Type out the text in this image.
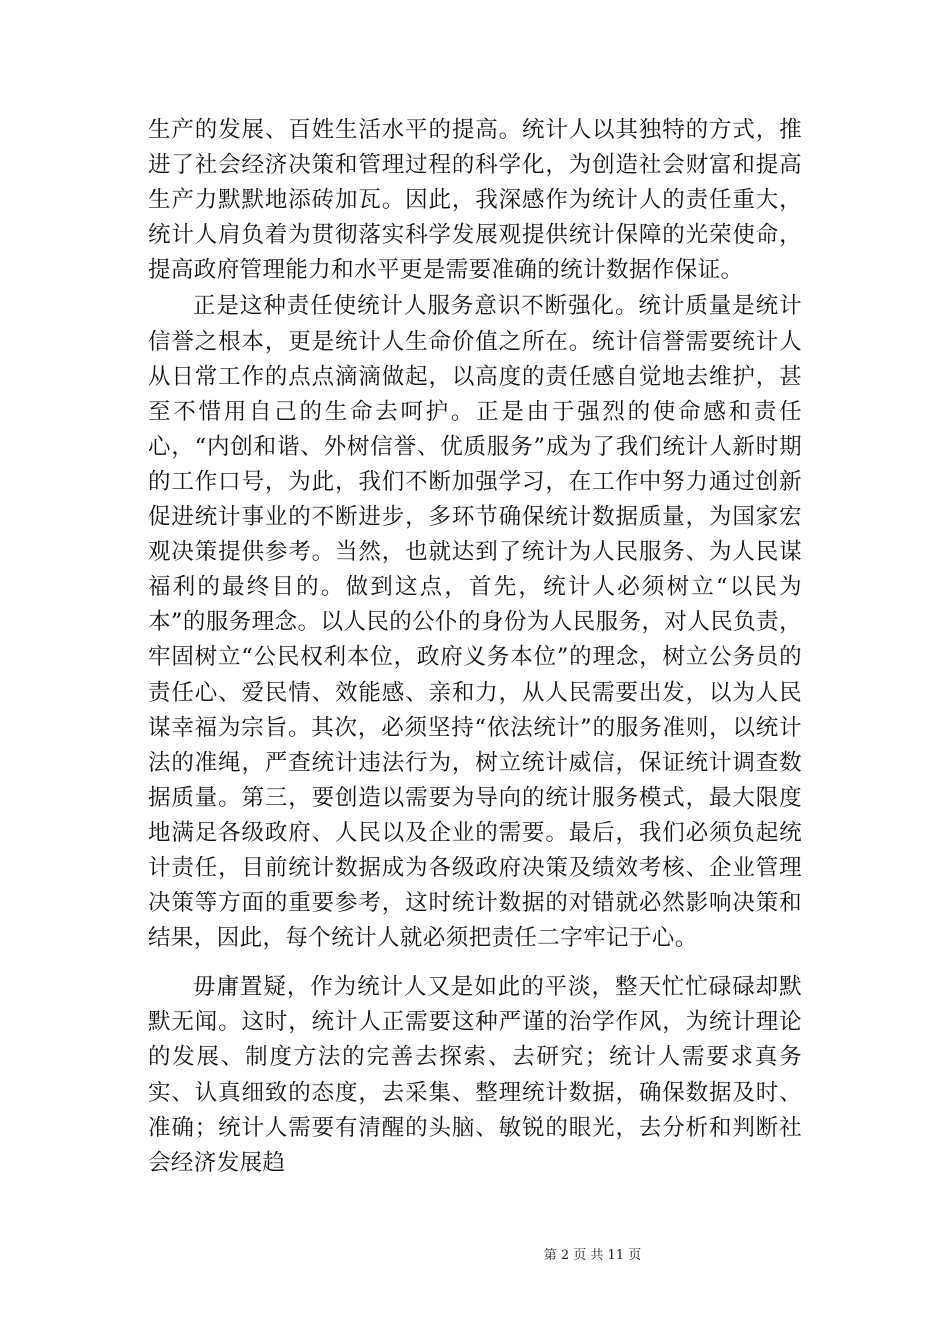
生产的发展、百姓生活水平的提高。统计人以其独特的方式，推进了社会经济决策和管理过程的科学化，为创造社会财富和提高生产力默默地添砖加瓦。因此，我深感作为统计人的责任重大，统计人肩负着为贯彻落实科学发展观提供统计保障的光荣使命，提高政府管理能力和水平更是需要准确的统计数据作保证。

正是这种责任使统计人服务意识不断强化。统计质量是统计信誉之根本，更是统计人生命价值之所在。统计信誉需要统计人从日常工作的点点滴滴做起，以高度的责任感自觉地去维护，甚至不惜用自己的生命去呵护。正是由于强烈的使命感和责任心，“内创和谐、外树信誉、优质服务”成为了我们统计人新时期的工作口号，为此，我们不断加强学习，在工作中努力通过创新促进统计事业的不断进步，多环节确保统计数据质量，为国家宏观决策提供参考。当然，也就达到了统计为人民服务、为人民谋福利的最终目的。做到这点，首先，统计人必须树立“以民为本”的服务理念。以人民的公仆的身份为人民服务，对人民负责，牢固树立“公民权利本位，政府义务本位”的理念，树立公务员的责任心、爱民情、效能感、亲和力，从人民需要出发，以为人民谋幸福为宗旨。其次，必须坚持“依法统计”的服务准则，以统计法的准绳，严查统计违法行为，树立统计威信，保证统计调查数据质量。第三，要创造以需要为导向的统计服务模式，最大限度地满足各级政府、人民以及企业的需要。最后，我们必须负起统计责任，目前统计数据成为各级政府决策及绩效考核、企业管理决策等方面的重要参考，这时统计数据的对错就必然影响决策和结果，因此，每个统计人就必须把责任二字牢记于心。

毋庸置疑，作为统计人又是如此的平淡，整天忙忙碌碌却默默无闻。这时，统计人正需要这种严谨的治学作风，为统计理论的发展、制度方法的完善去探索、去研究；统计人需要求真务实、认真细致的态度，去采集、整理统计数据，确保数据及时、准确；统计人需要有清醒的头脑、敏锐的眼光，去分析和判断社会经济发展趋

第 2 页 共 11 页
